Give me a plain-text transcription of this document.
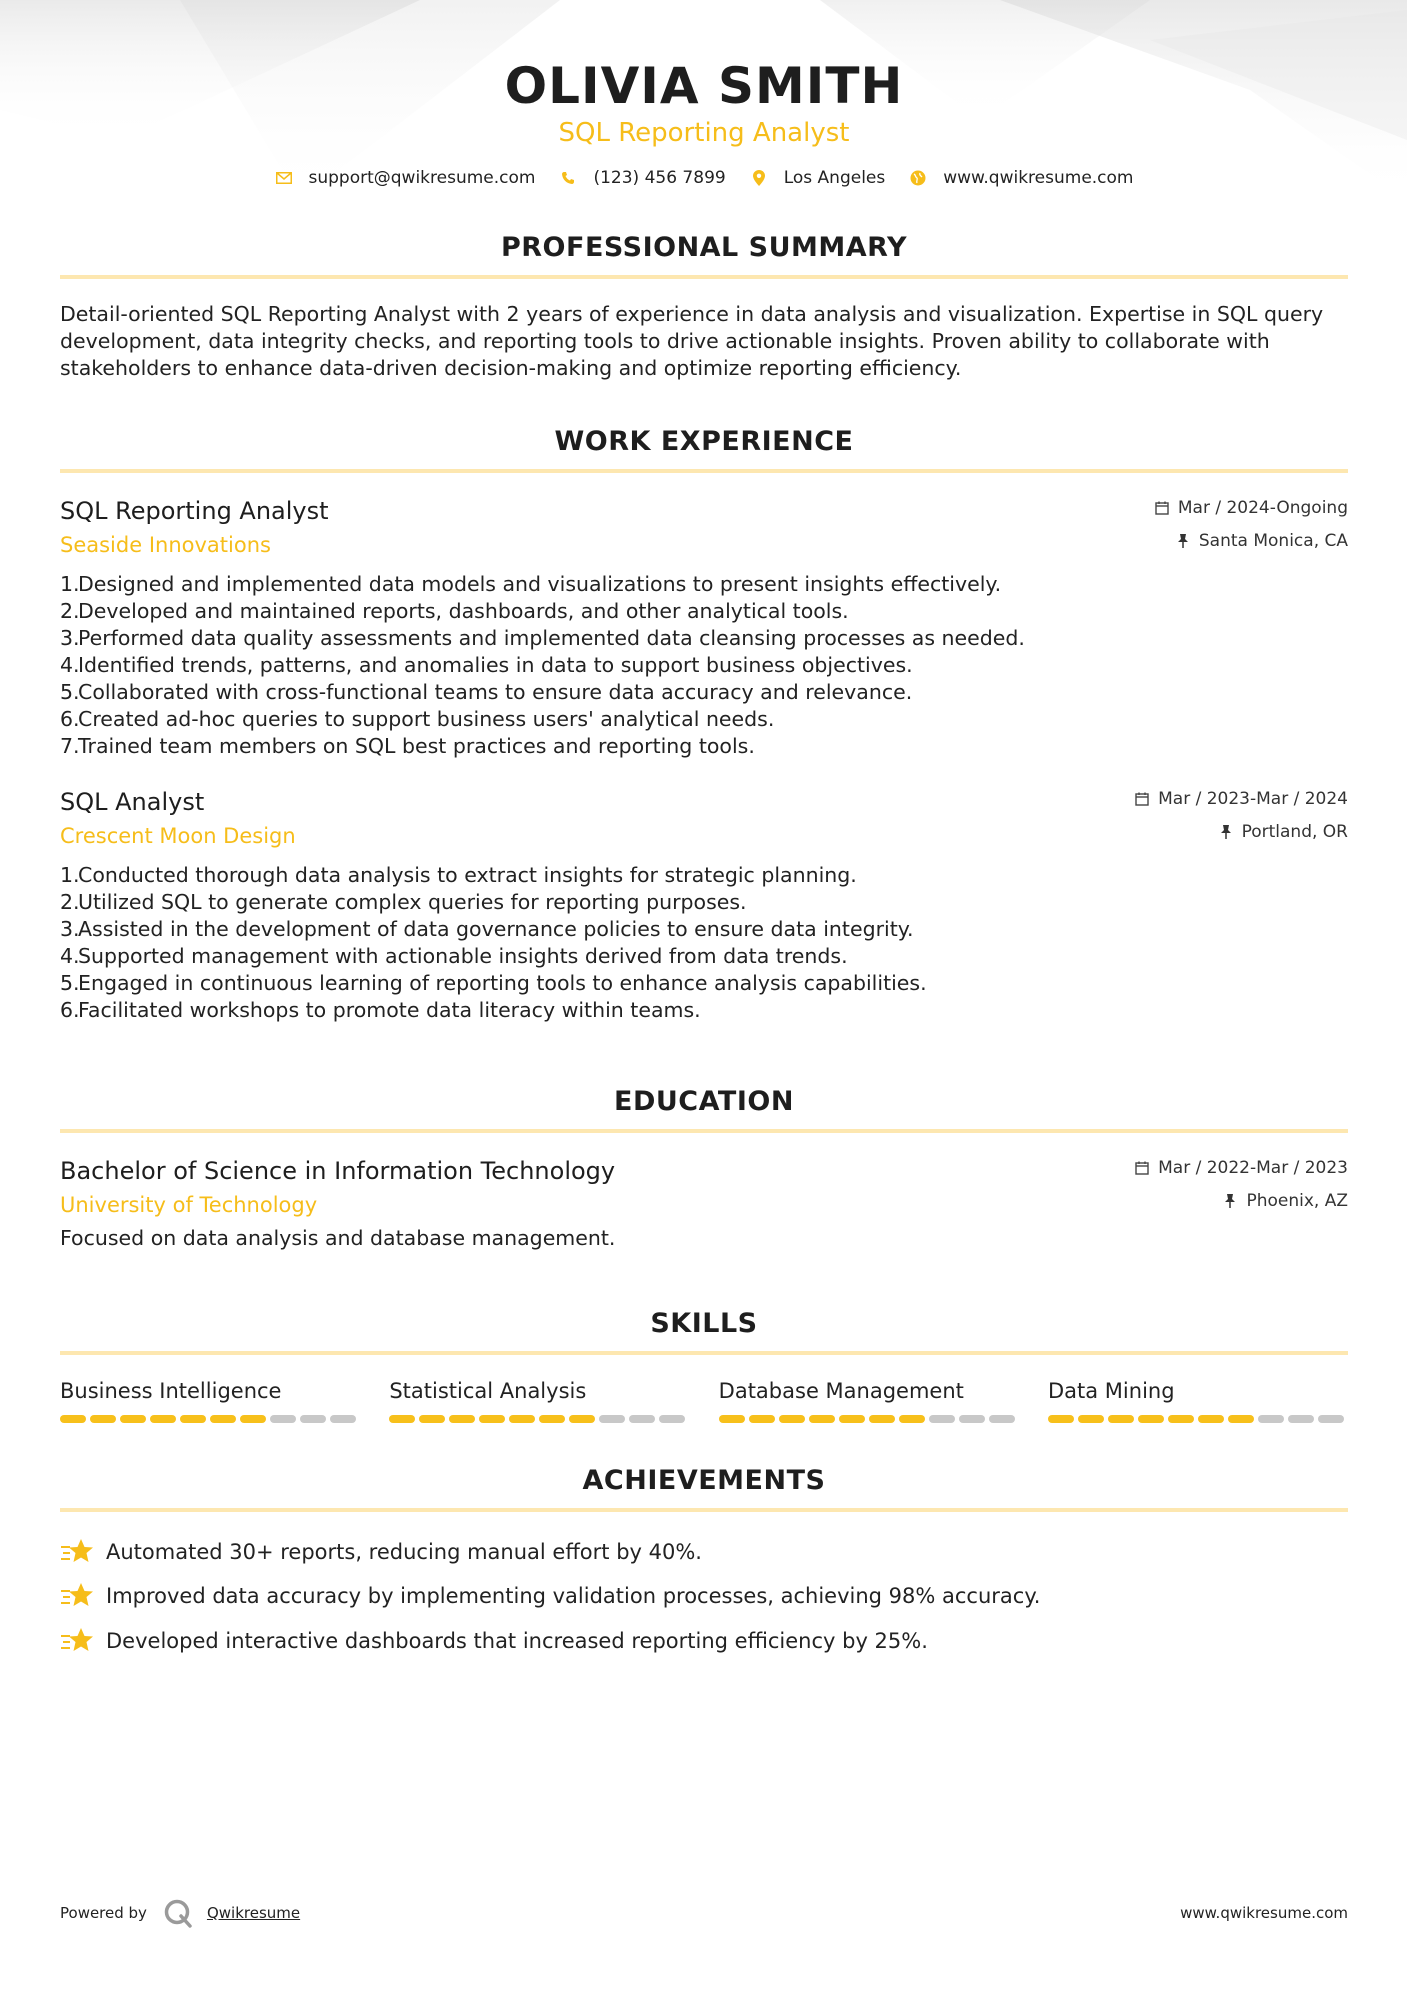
OLIVIA SMITH
SQL Reporting Analyst
support@qwikresume.com	(123) 456 7899	Los Angeles	www.qwikresume.com
PROFESSIONAL SUMMARY
Detail-oriented SQL Reporting Analyst with 2 years of experience in data analysis and visualization. Expertise in SQL query development, data integrity checks, and reporting tools to drive actionable insights. Proven ability to collaborate with stakeholders to enhance data-driven decision-making and optimize reporting efficiency.
WORK EXPERIENCE
SQL Reporting Analyst
Seaside Innovations
Mar / 2024-Ongoing
Santa Monica, CA
1.
Designed and implemented data models and visualizations to present insights effectively.
2.
Developed and maintained reports, dashboards, and other analytical tools.
3.
Performed data quality assessments and implemented data cleansing processes as needed.
4.
Identified trends, patterns, and anomalies in data to support business objectives.
5.
Collaborated with cross-functional teams to ensure data accuracy and relevance.
6.
Created ad-hoc queries to support business users' analytical needs.
7.
Trained team members on SQL best practices and reporting tools.
SQL Analyst
Crescent Moon Design
Mar / 2023-Mar / 2024
Portland, OR
1.
Conducted thorough data analysis to extract insights for strategic planning.
2.
Utilized SQL to generate complex queries for reporting purposes.
3.
Assisted in the development of data governance policies to ensure data integrity.
4.
Supported management with actionable insights derived from data trends.
5.
Engaged in continuous learning of reporting tools to enhance analysis capabilities.
6.
Facilitated workshops to promote data literacy within teams.
EDUCATION
Bachelor of Science in Information Technology
University of Technology
Mar / 2022-Mar / 2023
Phoenix, AZ
Focused on data analysis and database management.
SKILLS
Business Intelligence	Statistical Analysis	Database Management	Data Mining
ACHIEVEMENTS
Automated 30+ reports, reducing manual effort by 40%.
Improved data accuracy by implementing validation processes, achieving 98% accuracy.
Developed interactive dashboards that increased reporting efficiency by 25%.
Powered by	Qwikresume	www.qwikresume.com
